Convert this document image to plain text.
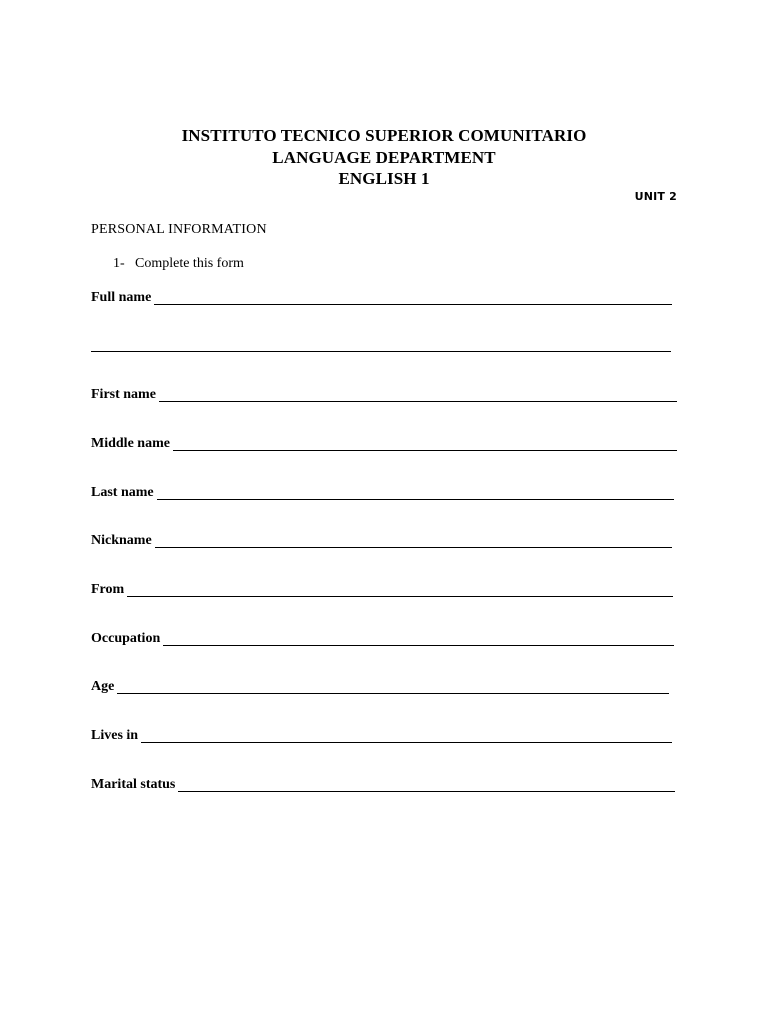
INSTITUTO TECNICO SUPERIOR COMUNITARIO
LANGUAGE DEPARTMENT
ENGLISH 1
UNIT 2
PERSONAL INFORMATION
1- Complete this form
Full name
First name
Middle name
Last name
Nickname
From
Occupation
Age
Lives in
Marital status
